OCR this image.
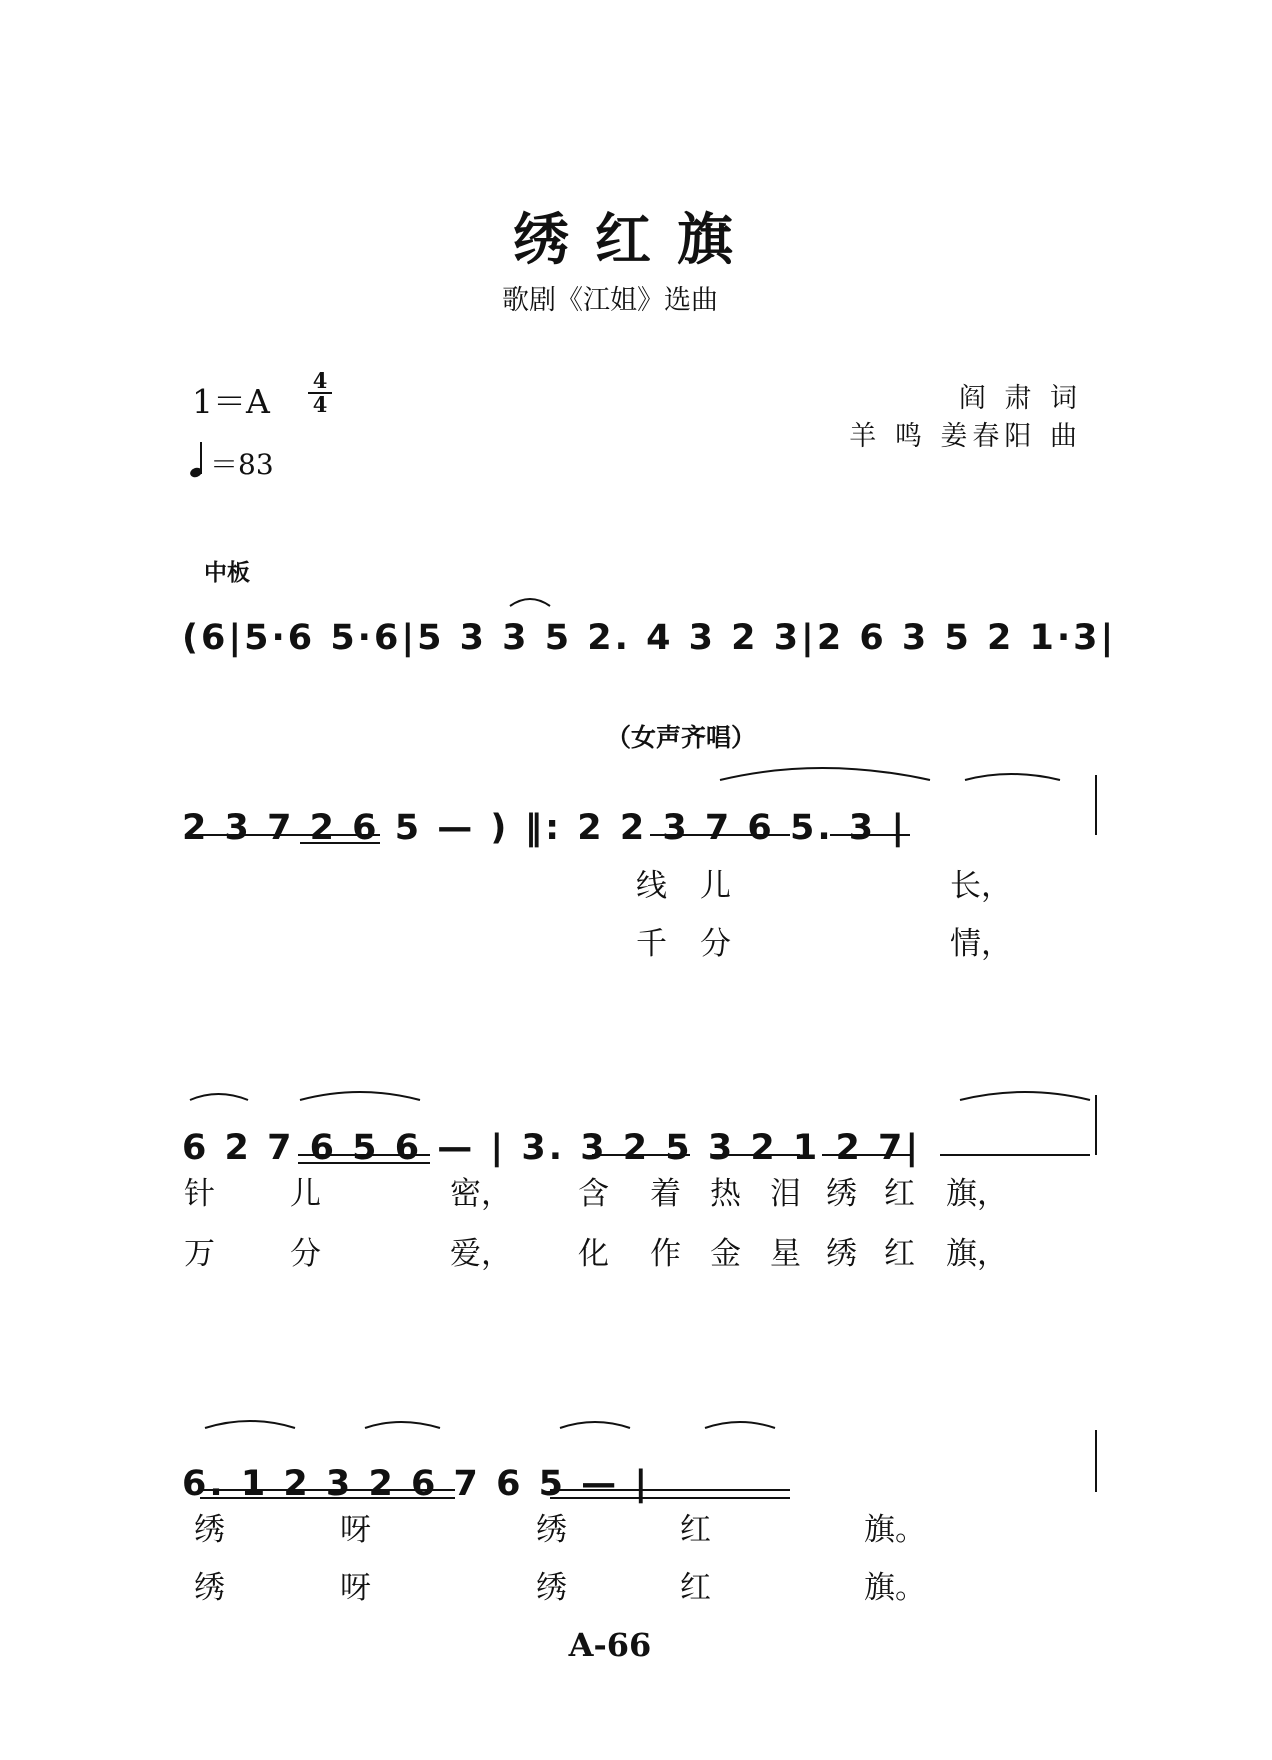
绣红旗
歌剧《江姐》选曲
1＝A
4
4
＝83
阎 肃 词
羊 鸣 姜春阳 曲
中板
（女声齐唱）
(6|5·6 5·6|5 3 3 5 2. 4 3 2 3|2 6 3 5 2 1·3|
2 3 7 2 6 5 — ) ‖: 2 2 3 7 6 5. 3 |
6 2 7 6 5 6 — | 3. 3 2 5 3 2 1 2 7|
6. 1 2 3 2 6 7 6 5 — |
线 儿	长，
千 分	情，
针 儿	密， 含 着 热 泪 绣 红 旗，
万 分	爱， 化 作 金 星 绣 红 旗，
绣	呀	绣	红	旗。
绣	呀	绣	红	旗。
A-66
